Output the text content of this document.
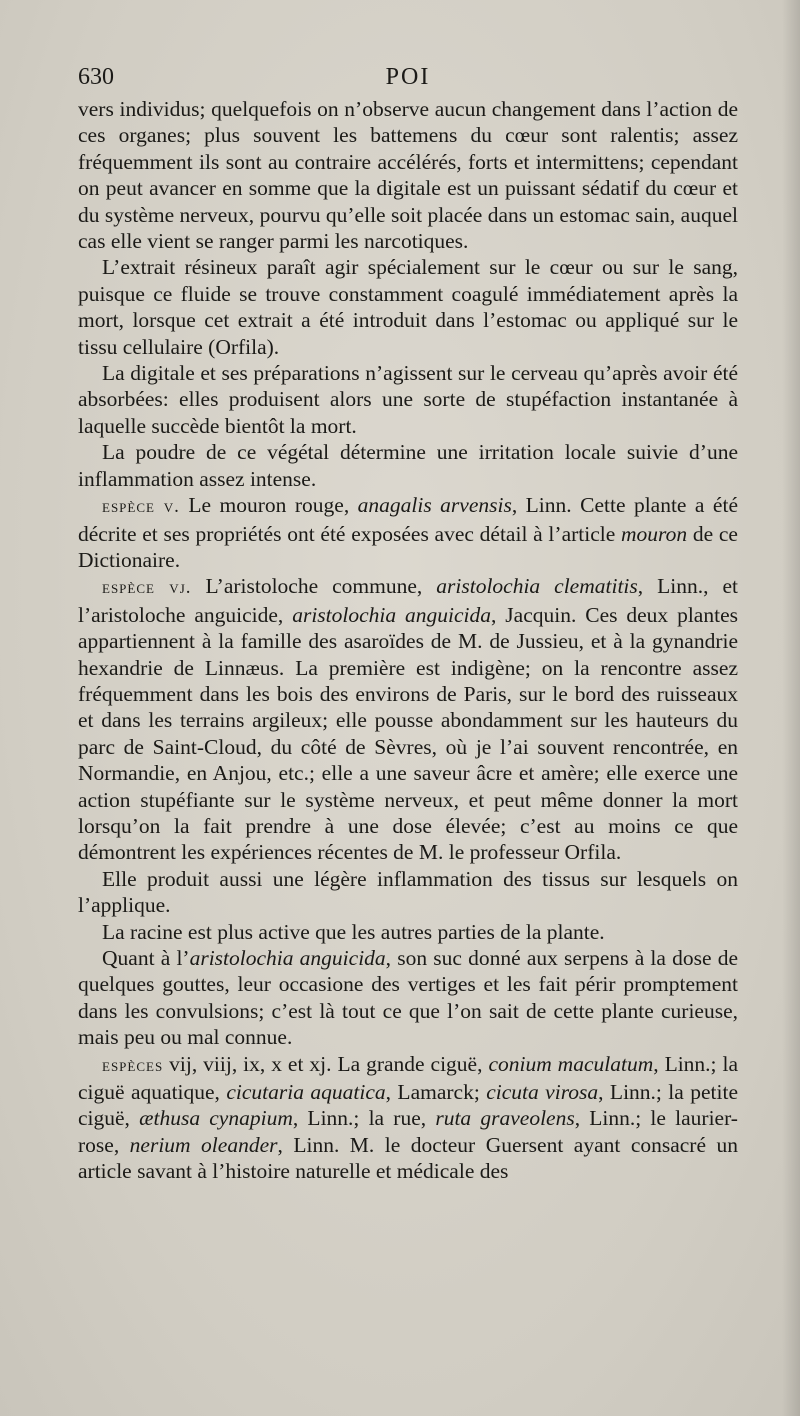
630	POI

vers individus; quelquefois on n’observe aucun changement dans l’action de ces organes; plus souvent les battemens du cœur sont ralentis; assez fréquemment ils sont au contraire accélérés, forts et intermittens; cependant on peut avancer en somme que la digitale est un puissant sédatif du cœur et du système nerveux, pourvu qu’elle soit placée dans un estomac sain, auquel cas elle vient se ranger parmi les narcotiques.

L’extrait résineux paraît agir spécialement sur le cœur ou sur le sang, puisque ce fluide se trouve constamment coagulé immédiatement après la mort, lorsque cet extrait a été introduit dans l’estomac ou appliqué sur le tissu cellulaire (Orfila).

La digitale et ses préparations n’agissent sur le cerveau qu’après avoir été absorbées: elles produisent alors une sorte de stupéfaction instantanée à laquelle succède bientôt la mort.

La poudre de ce végétal détermine une irritation locale suivie d’une inflammation assez intense.

espèce v. Le mouron rouge, anagalis arvensis, Linn. Cette plante a été décrite et ses propriétés ont été exposées avec détail à l’article mouron de ce Dictionaire.

espèce vj. L’aristoloche commune, aristolochia clematitis, Linn., et l’aristoloche anguicide, aristolochia anguicida, Jacquin. Ces deux plantes appartiennent à la famille des asaroïdes de M. de Jussieu, et à la gynandrie hexandrie de Linnæus. La première est indigène; on la rencontre assez fréquemment dans les bois des environs de Paris, sur le bord des ruisseaux et dans les terrains argileux; elle pousse abondamment sur les hauteurs du parc de Saint-Cloud, du côté de Sèvres, où je l’ai souvent rencontrée, en Normandie, en Anjou, etc.; elle a une saveur âcre et amère; elle exerce une action stupéfiante sur le système nerveux, et peut même donner la mort lorsqu’on la fait prendre à une dose élevée; c’est au moins ce que démontrent les expériences récentes de M. le professeur Orfila.

Elle produit aussi une légère inflammation des tissus sur lesquels on l’applique.

La racine est plus active que les autres parties de la plante.

Quant à l’aristolochia anguicida, son suc donné aux serpens à la dose de quelques gouttes, leur occasione des vertiges et les fait périr promptement dans les convulsions; c’est là tout ce que l’on sait de cette plante curieuse, mais peu ou mal connue.

espèces vij, viij, ix, x et xj. La grande ciguë, conium maculatum, Linn.; la ciguë aquatique, cicutaria aquatica, Lamarck; cicuta virosa, Linn.; la petite ciguë, æthusa cynapium, Linn.; la rue, ruta graveolens, Linn.; le laurier-rose, nerium oleander, Linn. M. le docteur Guersent ayant consacré un article savant à l’histoire naturelle et médicale des
